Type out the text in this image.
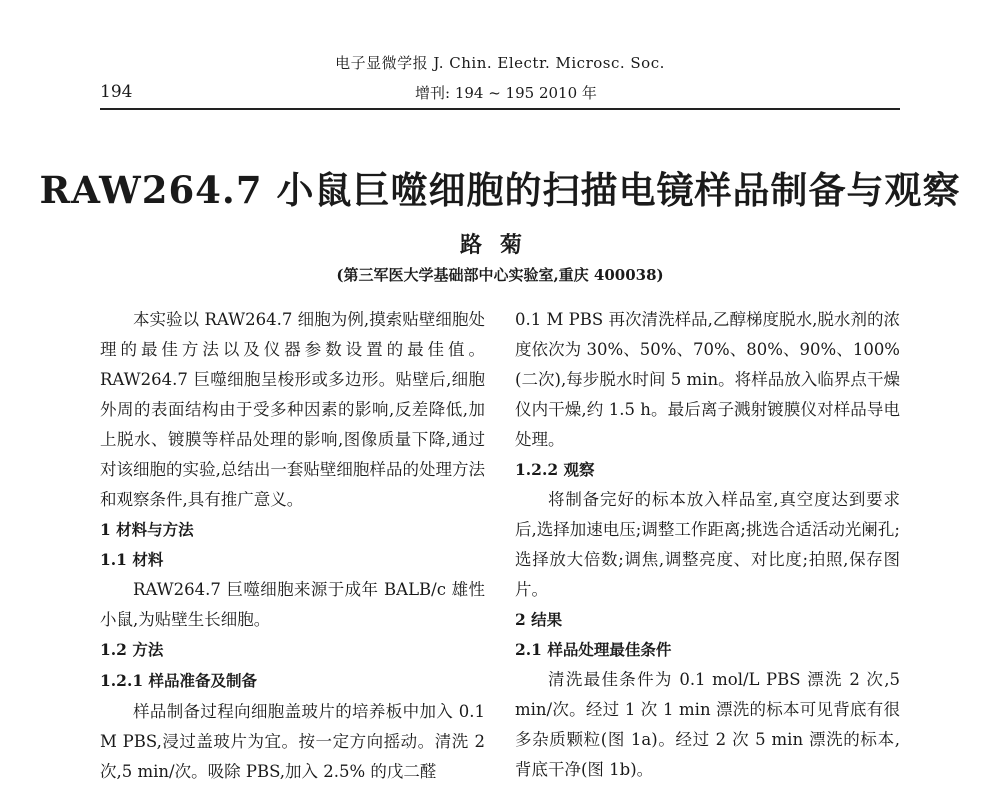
电子显微学报 J. Chin. Electr. Microsc. Soc.
194	增刊: 194 ~ 195 2010 年
RAW264.7 小鼠巨噬细胞的扫描电镜样品制备与观察
路菊
(第三军医大学基础部中心实验室,重庆 400038)

本实验以 RAW264.7 细胞为例,摸索贴壁细胞处理的最佳方法以及仪器参数设置的最佳值。RAW264.7 巨噬细胞呈梭形或多边形。贴壁后,细胞外周的表面结构由于受多种因素的影响,反差降低,加上脱水、镀膜等样品处理的影响,图像质量下降,通过对该细胞的实验,总结出一套贴壁细胞样品的处理方法和观察条件,具有推广意义。

1 材料与方法

1.1 材料

RAW264.7 巨噬细胞来源于成年 BALB/c 雄性小鼠,为贴壁生长细胞。

1.2 方法

1.2.1 样品准备及制备

样品制备过程向细胞盖玻片的培养板中加入 0.1 M PBS,浸过盖玻片为宜。按一定方向摇动。清洗 2 次,5 min/次。吸除 PBS,加入 2.5% 的戊二醛

0.1 M PBS 再次清洗样品,乙醇梯度脱水,脱水剂的浓度依次为 30%、50%、70%、80%、90%、100%(二次),每步脱水时间 5 min。将样品放入临界点干燥仪内干燥,约 1.5 h。最后离子溅射镀膜仪对样品导电处理。

1.2.2 观察

将制备完好的标本放入样品室,真空度达到要求后,选择加速电压;调整工作距离;挑选合适活动光阑孔;选择放大倍数;调焦,调整亮度、对比度;拍照,保存图片。

2 结果

2.1 样品处理最佳条件

清洗最佳条件为 0.1 mol/L PBS 漂洗 2 次,5 min/次。经过 1 次 1 min 漂洗的标本可见背底有很多杂质颗粒(图 1a)。经过 2 次 5 min 漂洗的标本,背底干净(图 1b)。
